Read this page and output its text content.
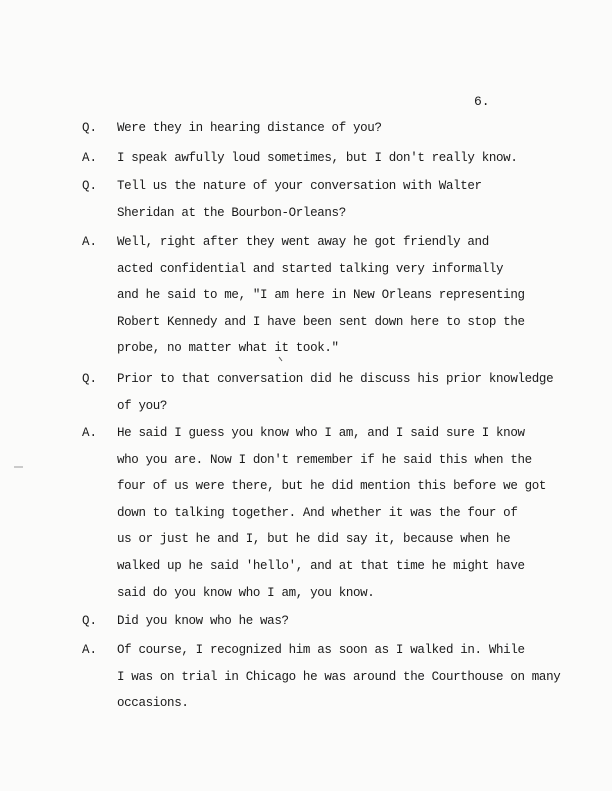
6.
Q. Were they in hearing distance of you?
A. I speak awfully loud sometimes, but I don't really know.
Q. Tell us the nature of your conversation with Walter
Sheridan at the Bourbon-Orleans?
A. Well, right after they went away he got friendly and
acted confidential and started talking very informally
and he said to me, "I am here in New Orleans representing
Robert Kennedy and I have been sent down here to stop the
probe, no matter what it took."
Q. Prior to that conversation did he discuss his prior knowledge
of you?
A. He said I guess you know who I am, and I said sure I know
who you are. Now I don't remember if he said this when the
four of us were there, but he did mention this before we got
down to talking together. And whether it was the four of
us or just he and I, but he did say it, because when he
walked up he said 'hello', and at that time he might have
said do you know who I am, you know.
Q. Did you know who he was?
A. Of course, I recognized him as soon as I walked in. While
I was on trial in Chicago he was around the Courthouse on many
occasions.
